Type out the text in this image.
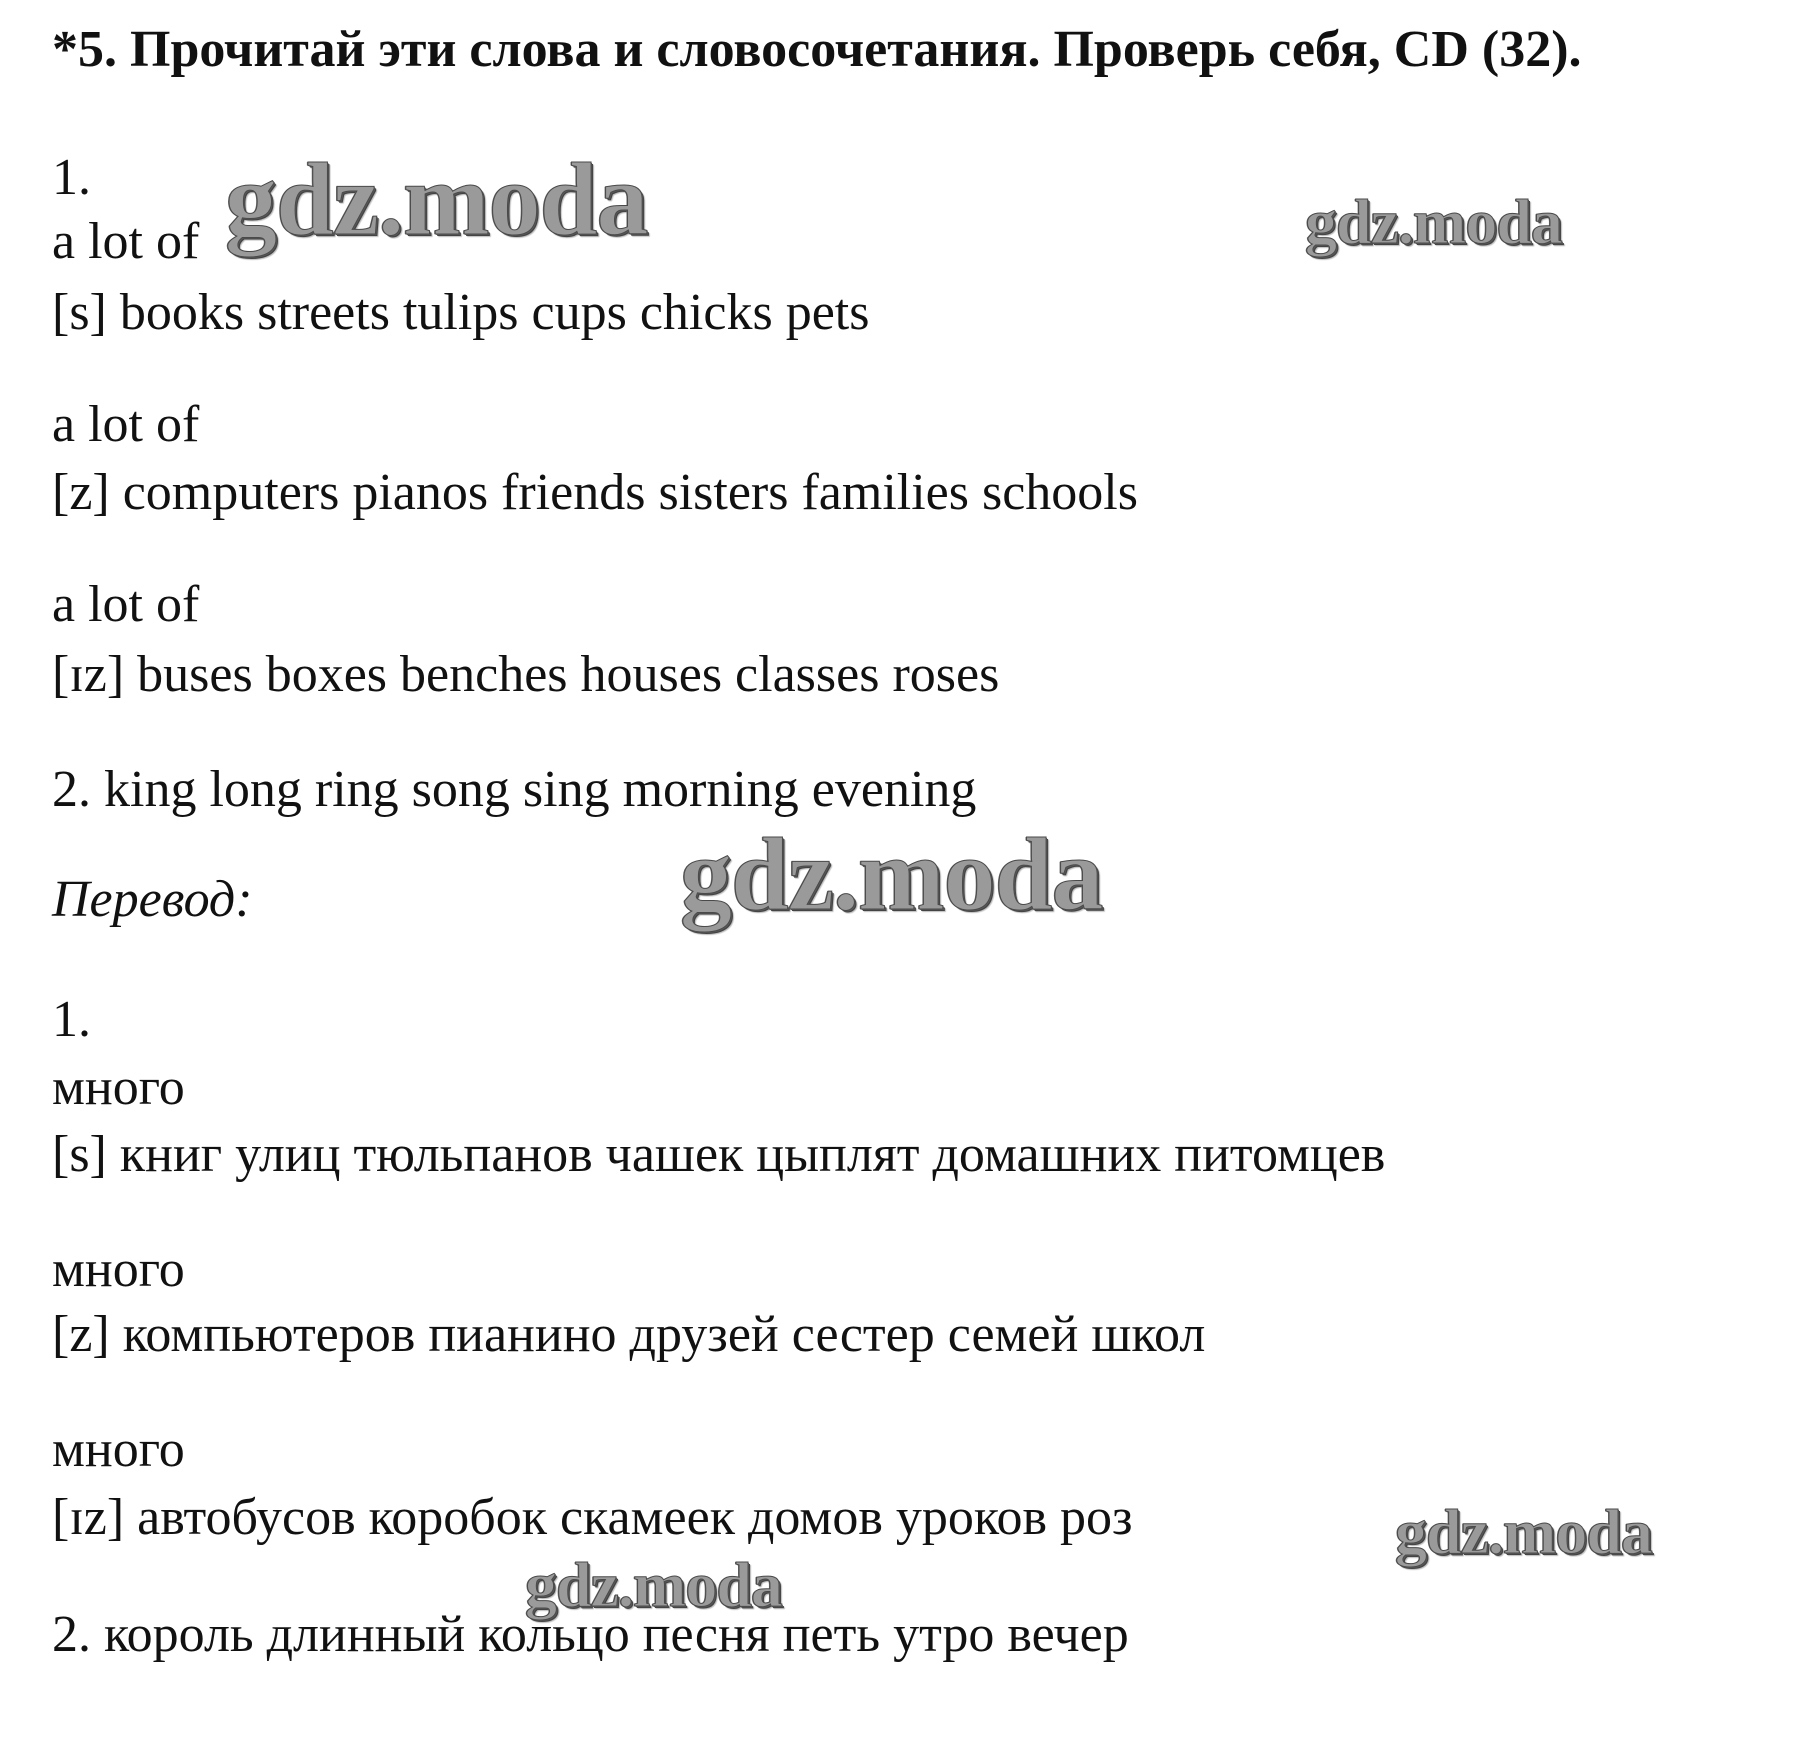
*5. Прочитай эти слова и словосочетания. Проверь себя, CD (32).
1.
a lot of
[s] books streets tulips cups chicks pets
a lot of
[z] computers pianos friends sisters families schools
a lot of
[ɪz] buses boxes benches houses classes roses
2. king long ring song sing morning evening
Перевод:
1.
много
[s] книг улиц тюльпанов чашек цыплят домашних питомцев
много
[z] компьютеров пианино друзей сестер семей школ
много
[ɪz] автобусов коробок скамеек домов уроков роз
2. король длинный кольцо песня петь утро вечер
gdz.moda	gdz.moda
gdz.moda
gdz.moda
gdz.moda
